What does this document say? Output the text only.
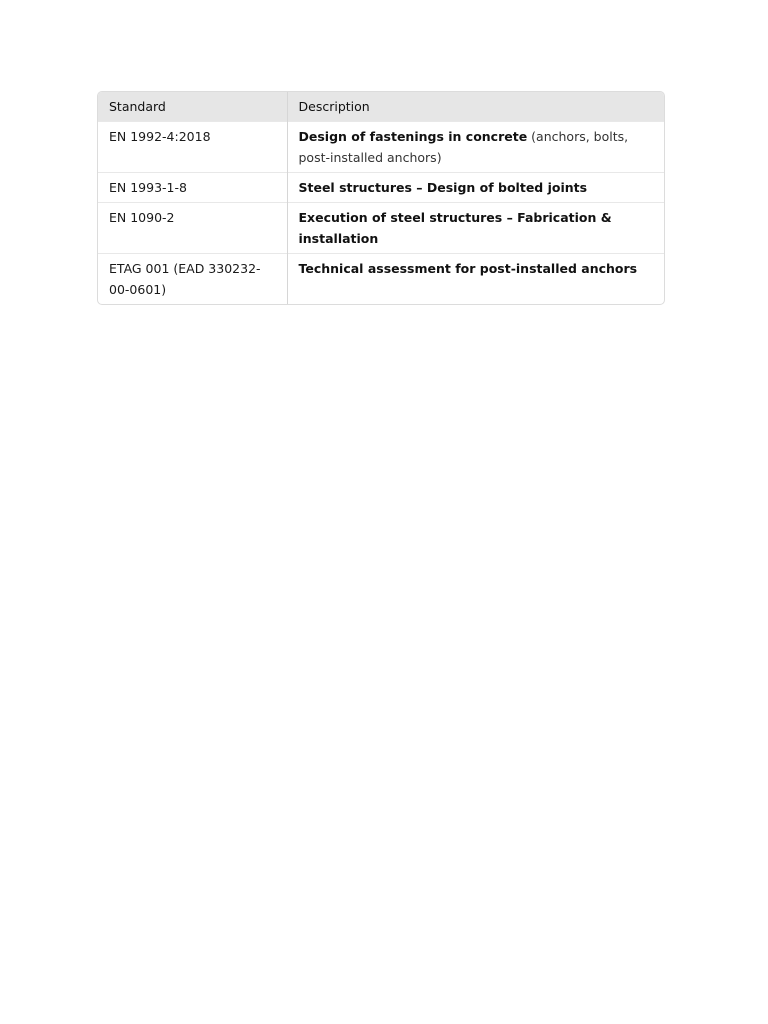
Standard	Description
EN 1992-4:2018	Design of fastenings in concrete (anchors, bolts, post-installed anchors)
EN 1993-1-8	Steel structures – Design of bolted joints
EN 1090-2	Execution of steel structures – Fabrication & installation
ETAG 001 (EAD 330232-00-0601)	Technical assessment for post-installed anchors
